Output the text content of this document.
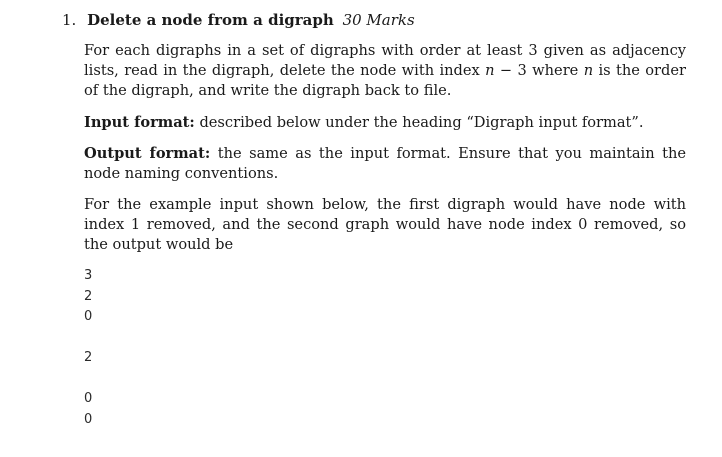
1. Delete a node from a digraph 30 Marks

For each digraphs in a set of digraphs with order at least 3 given as adjacency lists, read in the digraph, delete the node with index n − 3 where n is the order of the digraph, and write the digraph back to file.

Input format: described below under the heading “Digraph input format”.

Output format: the same as the input format. Ensure that you maintain the node naming conventions.

For the example input shown below, the first digraph would have node with index 1 removed, and the second graph would have node index 0 removed, so the output would be

3
2
0
2
0
0
